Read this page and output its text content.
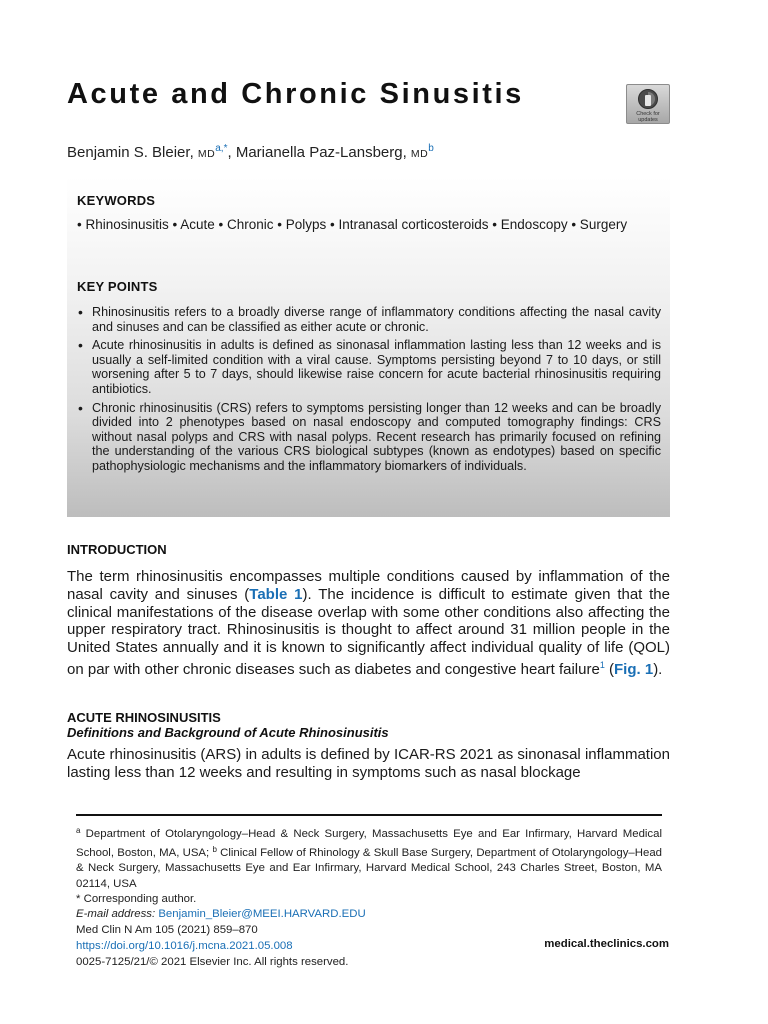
Acute and Chronic Sinusitis
Check for
updates
Benjamin S. Bleier, $MD^{a,*}$, Marianella Paz-Lansberg, $MD^b$
KEYWORDS
• Rhinosinusitis • Acute • Chronic • Polyps • Intranasal corticosteroids • Endoscopy • Surgery
KEY POINTS
• Rhinosinusitis refers to a broadly diverse range of inflammatory conditions affecting the nasal cavity and sinuses and can be classified as either acute or chronic.
• Acute rhinosinusitis in adults is defined as sinonasal inflammation lasting less than 12 weeks and is usually a self-limited condition with a viral cause. Symptoms persisting beyond 7 to 10 days, or still worsening after 5 to 7 days, should likewise raise concern for acute bacterial rhinosinusitis requiring antibiotics.
• Chronic rhinosinusitis (CRS) refers to symptoms persisting longer than 12 weeks and can be broadly divided into 2 phenotypes based on nasal endoscopy and computed tomography findings: CRS without nasal polyps and CRS with nasal polyps. Recent research has primarily focused on refining the understanding of the various CRS biological subtypes (known as endotypes) based on specific pathophysiologic mechanisms and the inflammatory biomarkers of individuals.
INTRODUCTION

The term rhinosinusitis encompasses multiple conditions caused by inflammation of the nasal cavity and sinuses (Table 1). The incidence is difficult to estimate given that the clinical manifestations of the disease overlap with some other conditions also affecting the upper respiratory tract. Rhinosinusitis is thought to affect around 31 million people in the United States annually and it is known to significantly affect individual quality of life (QOL) on par with other chronic diseases such as diabetes and congestive heart failure$^1$ (Fig. 1).

ACUTE RHINOSINUSITIS
Definitions and Background of Acute Rhinosinusitis

Acute rhinosinusitis (ARS) in adults is defined by ICAR-RS 2021 as sinonasal inflammation lasting less than 12 weeks and resulting in symptoms such as nasal blockage

$^a$ Department of Otolaryngology–Head & Neck Surgery, Massachusetts Eye and Ear Infirmary, Harvard Medical School, Boston, MA, USA; $^b$ Clinical Fellow of Rhinology & Skull Base Surgery, Department of Otolaryngology–Head & Neck Surgery, Massachusetts Eye and Ear Infirmary, Harvard Medical School, 243 Charles Street, Boston, MA 02114, USA
* Corresponding author.
E-mail address: Benjamin_Bleier@MEEI.HARVARD.EDU
Med Clin N Am 105 (2021) 859–870
https://doi.org/10.1016/j.mcna.2021.05.008
0025-7125/21/© 2021 Elsevier Inc. All rights reserved.
medical.theclinics.com
